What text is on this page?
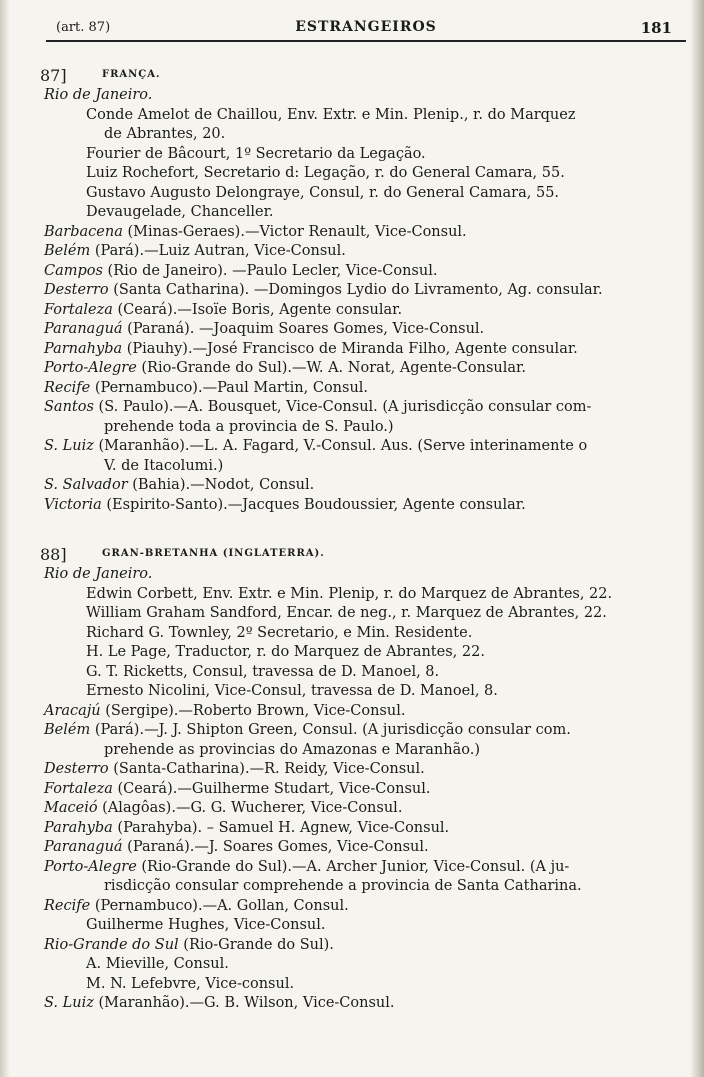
(art. 87)	ESTRANGEIROS	181
87]	FRANÇA.
Rio de Janeiro.
Conde Amelot de Chaillou, Env. Extr. e Min. Plenip., r. do Marquez
de Abrantes, 20.
Fourier de Bâcourt, 1º Secretario da Legação.
Luiz Rochefort, Secretario d: Legação, r. do General Camara, 55.
Gustavo Augusto Delongraye, Consul, r. do General Camara, 55.
Devaugelade, Chanceller.
Barbacena (Minas-Geraes).—Victor Renault, Vice-Consul.
Belém (Pará).—Luiz Autran, Vice-Consul.
Campos (Rio de Janeiro). —Paulo Lecler, Vice-Consul.
Desterro (Santa Catharina). —Domingos Lydio do Livramento, Ag. consular.
Fortaleza (Ceará).—Isoïe Boris, Agente consular.
Paranaguá (Paraná). —Joaquim Soares Gomes, Vice-Consul.
Parnahyba (Piauhy).—José Francisco de Miranda Filho, Agente consular.
Porto-Alegre (Rio-Grande do Sul).—W. A. Norat, Agente-Consular.
Recife (Pernambuco).—Paul Martin, Consul.
Santos (S. Paulo).—A. Bousquet, Vice-Consul. (A jurisdicção consular com-
prehende toda a provincia de S. Paulo.)
S. Luiz (Maranhão).—L. A. Fagard, V.-Consul. Aus. (Serve interinamente o
V. de Itacolumi.)
S. Salvador (Bahia).—Nodot, Consul.
Victoria (Espirito-Santo).—Jacques Boudoussier, Agente consular.
88]	GRAN-BRETANHA (INGLATERRA).
Rio de Janeiro.
Edwin Corbett, Env. Extr. e Min. Plenip, r. do Marquez de Abrantes, 22.
William Graham Sandford, Encar. de neg., r. Marquez de Abrantes, 22.
Richard G. Townley, 2º Secretario, e Min. Residente.
H. Le Page, Traductor, r. do Marquez de Abrantes, 22.
G. T. Ricketts, Consul, travessa de D. Manoel, 8.
Ernesto Nicolini, Vice-Consul, travessa de D. Manoel, 8.
Aracajú (Sergipe).—Roberto Brown, Vice-Consul.
Belém (Pará).—J. J. Shipton Green, Consul. (A jurisdicção consular com.
prehende as provincias do Amazonas e Maranhão.)
Desterro (Santa-Catharina).—R. Reidy, Vice-Consul.
Fortaleza (Ceará).—Guilherme Studart, Vice-Consul.
Maceió (Alagôas).—G. G. Wucherer, Vice-Consul.
Parahyba (Parahyba). – Samuel H. Agnew, Vice-Consul.
Paranaguá (Paraná).—J. Soares Gomes, Vice-Consul.
Porto-Alegre (Rio-Grande do Sul).—A. Archer Junior, Vice-Consul. (A ju-
risdicção consular comprehende a provincia de Santa Catharina.
Recife (Pernambuco).—A. Gollan, Consul.
Guilherme Hughes, Vice-Consul.
Rio-Grande do Sul (Rio-Grande do Sul).
A. Mieville, Consul.
M. N. Lefebvre, Vice-consul.
S. Luiz (Maranhão).—G. B. Wilson, Vice-Consul.
